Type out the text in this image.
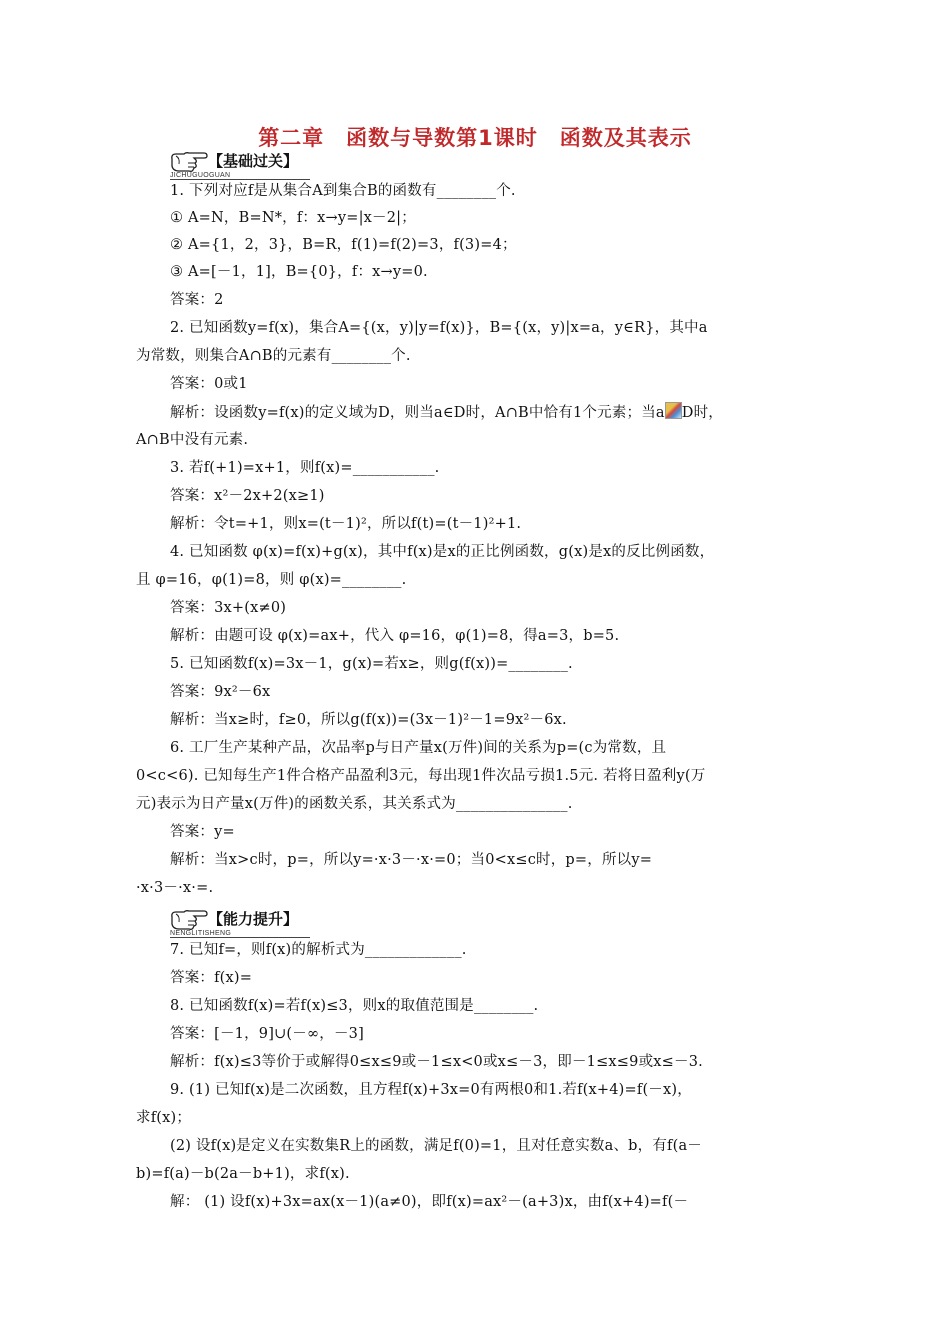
第二章　函数与导数第1课时　函数及其表示
【基础过关】
JICHUGUOGUAN
1. 下列对应f是从集合A到集合B的函数有________个.
① A=N，B=N*，f：x→y=|x－2|；
② A={1，2，3}，B=R，f(1)=f(2)=3，f(3)=4；
③ A=[－1，1]，B={0}，f：x→y=0.
答案：2
2. 已知函数y=f(x)，集合A={(x，y)|y=f(x)}，B={(x，y)|x=a，y∈R}，其中a
为常数，则集合A∩B的元素有________个.
答案：0或1
解析：设函数y=f(x)的定义域为D，则当a∈D时，A∩B中恰有1个元素；当a D时，
A∩B中没有元素.
3. 若f(+1)=x+1，则f(x)=___________.
答案：x²－2x+2(x≥1)
解析：令t=+1，则x=(t－1)²，所以f(t)=(t－1)²+1.
4. 已知函数 φ(x)=f(x)+g(x)，其中f(x)是x的正比例函数，g(x)是x的反比例函数，
且 φ=16，φ(1)=8，则 φ(x)=________.
答案：3x+(x≠0)
解析：由题可设 φ(x)=ax+，代入 φ=16，φ(1)=8，得a=3，b=5.
5. 已知函数f(x)=3x－1，g(x)=若x≥，则g(f(x))=________.
答案：9x²－6x
解析：当x≥时，f≥0，所以g(f(x))=(3x－1)²－1=9x²－6x.
6. 工厂生产某种产品，次品率p与日产量x(万件)间的关系为p=(c为常数，且
0<c<6). 已知每生产1件合格产品盈利3元，每出现1件次品亏损1.5元. 若将日盈利y(万
元)表示为日产量x(万件)的函数关系，其关系式为_______________.
答案：y=
解析：当x>c时，p=，所以y=·x·3－·x·=0；当0<x≤c时，p=，所以y=
·x·3－·x·=.
【能力提升】
NENGLITISHENG
7. 已知f=，则f(x)的解析式为_____________.
答案：f(x)=
8. 已知函数f(x)=若f(x)≤3，则x的取值范围是________.
答案：[－1，9]∪(－∞，－3]
解析：f(x)≤3等价于或解得0≤x≤9或－1≤x<0或x≤－3，即－1≤x≤9或x≤－3.
9. (1) 已知f(x)是二次函数，且方程f(x)+3x=0有两根0和1.若f(x+4)=f(－x)，
求f(x)；
(2) 设f(x)是定义在实数集R上的函数，满足f(0)=1，且对任意实数a、b，有f(a－
b)=f(a)－b(2a－b+1)，求f(x).
解： (1) 设f(x)+3x=ax(x－1)(a≠0)，即f(x)=ax²－(a+3)x，由f(x+4)=f(－
